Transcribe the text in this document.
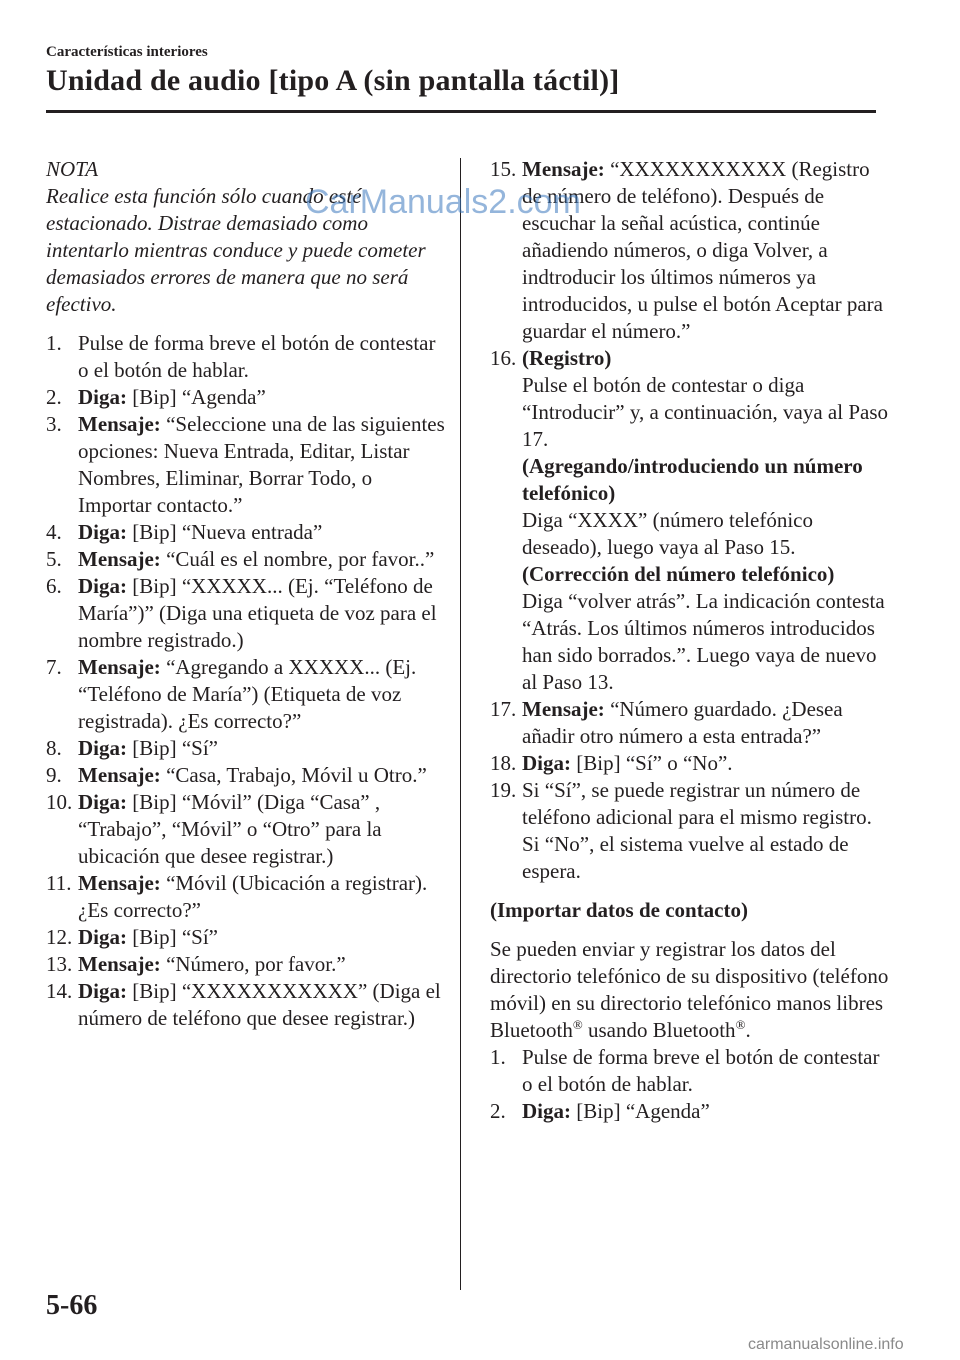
Características interiores
Unidad de audio [tipo A (sin pantalla táctil)]
NOTA
Realice esta función sólo cuando esté estacionado. Distrae demasiado como intentarlo mientras conduce y puede cometer demasiados errores de manera que no será efectivo.
1. Pulse de forma breve el botón de contestar o el botón de hablar.
2. Diga: [Bip] “Agenda”
3. Mensaje: “Seleccione una de las siguientes opciones: Nueva Entrada, Editar, Listar Nombres, Eliminar, Borrar Todo, o Importar contacto.”
4. Diga: [Bip] “Nueva entrada”
5. Mensaje: “Cuál es el nombre, por favor..”
6. Diga: [Bip] “XXXXX... (Ej. “Teléfono de María”)” (Diga una etiqueta de voz para el nombre registrado.)
7. Mensaje: “Agregando a XXXXX... (Ej. “Teléfono de María”) (Etiqueta de voz registrada). ¿Es correcto?”
8. Diga: [Bip] “Sí”
9. Mensaje: “Casa, Trabajo, Móvil u Otro.”
10. Diga: [Bip] “Móvil” (Diga “Casa” , “Trabajo”, “Móvil” o “Otro” para la ubicación que desee registrar.)
11. Mensaje: “Móvil (Ubicación a registrar). ¿Es correcto?”
12. Diga: [Bip] “Sí”
13. Mensaje: “Número, por favor.”
14. Diga: [Bip] “XXXXXXXXXXX” (Diga el número de teléfono que desee registrar.)
15. Mensaje: “XXXXXXXXXXX (Registro de número de teléfono). Después de escuchar la señal acústica, continúe añadiendo números, o diga Volver, a indtroducir los últimos números ya introducidos, u pulse el botón Aceptar para guardar el número.”
16. (Registro)
Pulse el botón de contestar o diga “Introducir” y, a continuación, vaya al Paso 17.
(Agregando/introduciendo un número telefónico)
Diga “XXXX” (número telefónico deseado), luego vaya al Paso 15.
(Corrección del número telefónico)
Diga “volver atrás”. La indicación contesta “Atrás. Los últimos números introducidos han sido borrados.”. Luego vaya de nuevo al Paso 13.
17. Mensaje: “Número guardado. ¿Desea añadir otro número a esta entrada?”
18. Diga: [Bip] “Sí” o “No”.
19. Si “Sí”, se puede registrar un número de teléfono adicional para el mismo registro.
Si “No”, el sistema vuelve al estado de espera.
(Importar datos de contacto)
Se pueden enviar y registrar los datos del directorio telefónico de su dispositivo (teléfono móvil) en su directorio telefónico manos libres Bluetooth® usando Bluetooth®.
1. Pulse de forma breve el botón de contestar o el botón de hablar.
2. Diga: [Bip] “Agenda”
CarManuals2.com
5-66
carmanualsonline.info
